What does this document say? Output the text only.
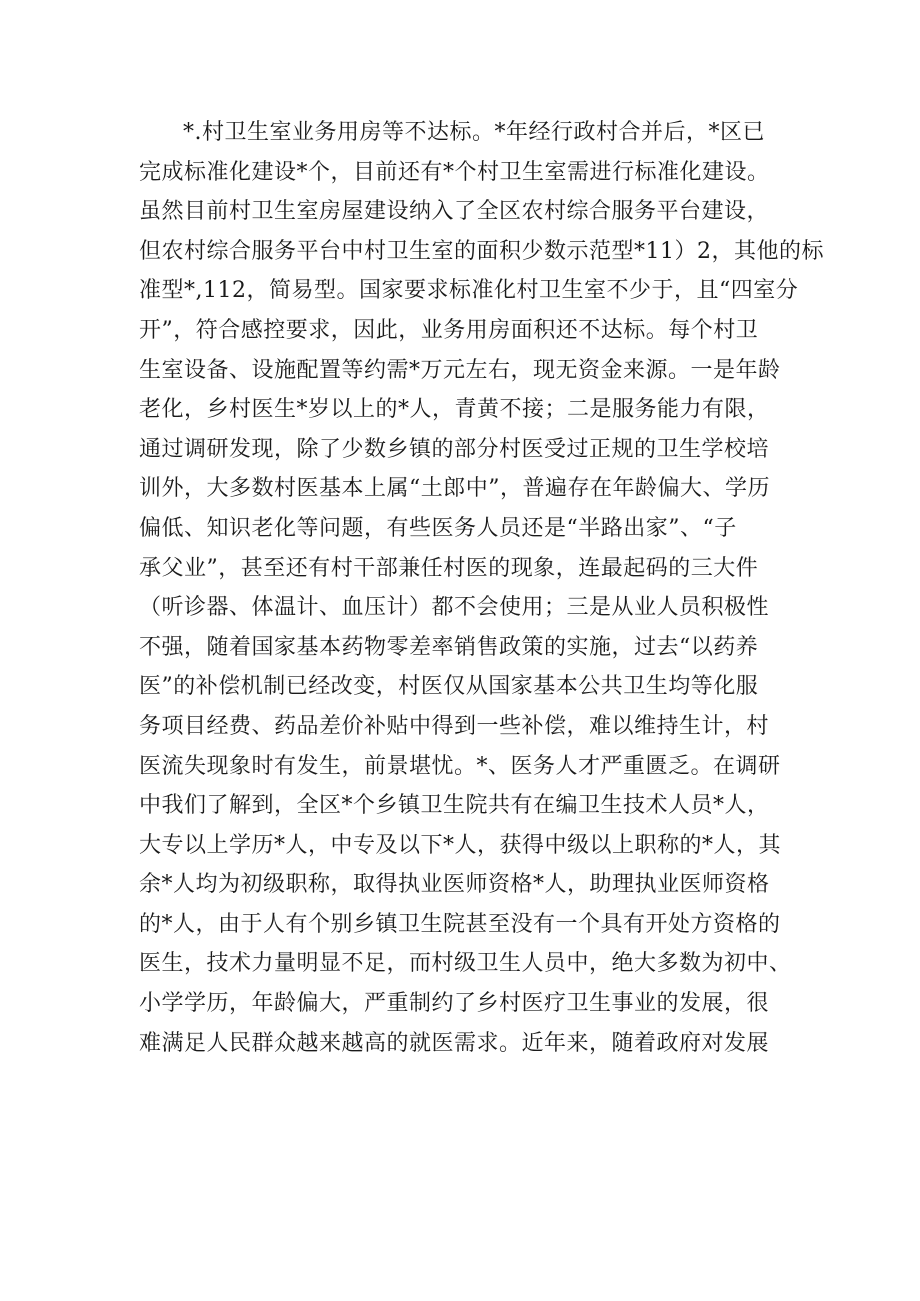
*.村卫生室业务用房等不达标。*年经行政村合并后，*区已
完成标准化建设*个，目前还有*个村卫生室需进行标准化建设。
虽然目前村卫生室房屋建设纳入了全区农村综合服务平台建设，
但农村综合服务平台中村卫生室的面积少数示范型*11）2，其他的标
准型*,112，简易型。国家要求标准化村卫生室不少于，且“四室分
开”，符合感控要求，因此，业务用房面积还不达标。每个村卫
生室设备、设施配置等约需*万元左右，现无资金来源。一是年龄
老化，乡村医生*岁以上的*人，青黄不接；二是服务能力有限，
通过调研发现，除了少数乡镇的部分村医受过正规的卫生学校培
训外，大多数村医基本上属“土郎中”，普遍存在年龄偏大、学历
偏低、知识老化等问题，有些医务人员还是“半路出家”、“子
承父业”，甚至还有村干部兼任村医的现象，连最起码的三大件
（听诊器、体温计、血压计）都不会使用；三是从业人员积极性
不强，随着国家基本药物零差率销售政策的实施，过去“以药养
医”的补偿机制已经改变，村医仅从国家基本公共卫生均等化服
务项目经费、药品差价补贴中得到一些补偿，难以维持生计，村
医流失现象时有发生，前景堪忧。*、医务人才严重匮乏。在调研
中我们了解到，全区*个乡镇卫生院共有在编卫生技术人员*人，
大专以上学历*人，中专及以下*人，获得中级以上职称的*人，其
余*人均为初级职称，取得执业医师资格*人，助理执业医师资格
的*人，由于人有个别乡镇卫生院甚至没有一个具有开处方资格的
医生，技术力量明显不足，而村级卫生人员中，绝大多数为初中、
小学学历，年龄偏大，严重制约了乡村医疗卫生事业的发展，很
难满足人民群众越来越高的就医需求。近年来，随着政府对发展
